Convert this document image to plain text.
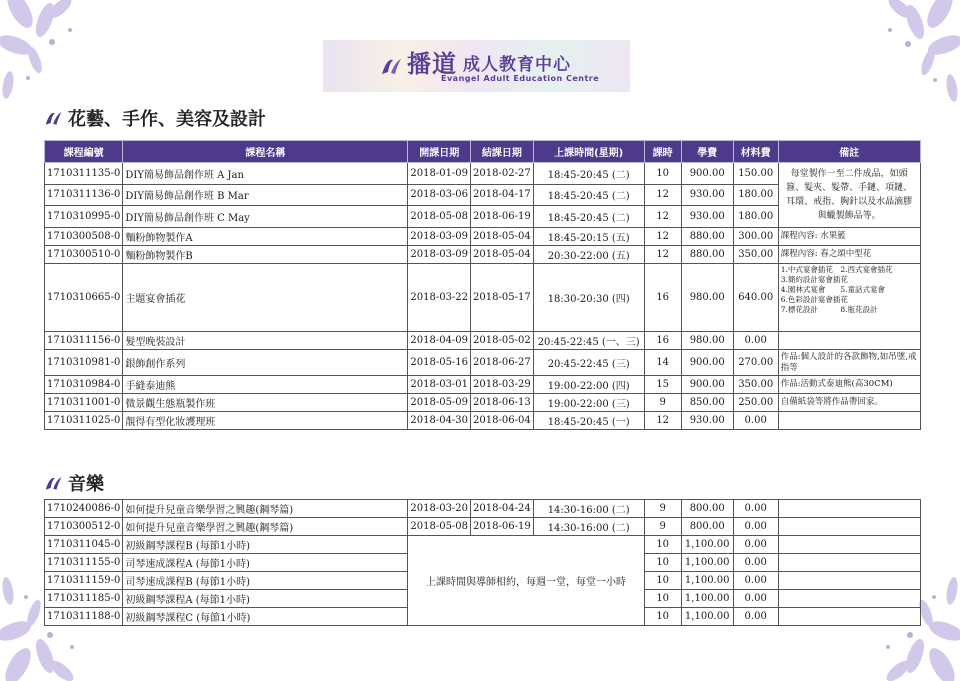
播道 成人教育中心
Evangel Adult Education Centre
花藝、手作、美容及設計
課程編號	課程名稱	開課日期	結課日期	上課時間(星期)	課時	學費	材料費	備註
1710311135-0	DIY簡易飾品創作班 A Jan	2018-01-09	2018-02-27	18:45-20:45 (二)	10	900.00	150.00	每堂製作一至二件成品，如頭箍、髮夾、髮帶、手鏈、項鏈、耳環、戒指、胸針以及水晶滴膠與蠟製飾品等。
1710311136-0	DIY簡易飾品創作班 B Mar	2018-03-06	2018-04-17	18:45-20:45 (二)	12	930.00	180.00	
1710310995-0	DIY簡易飾品創作班 C May	2018-05-08	2018-06-19	18:45-20:45 (二)	12	930.00	180.00	
1710300508-0	麵粉飾物製作A	2018-03-09	2018-05-04	18:45-20:15 (五)	12	880.00	300.00	課程內容: 水果籃
1710300510-0	麵粉飾物製作B	2018-03-09	2018-05-04	20:30-22:00 (五)	12	880.00	350.00	課程內容: 春之頌中型花
1710310665-0	主題宴會插花	2018-03-22	2018-05-17	18:30-20:30 (四)	16	980.00	640.00	1.中式宴會插花　2.西式宴會插花
3.簡約設計宴會插花
4.園林式宴會　　5.童話式宴會
6.色彩設計宴會插花
7.標花設計　　　8.瓶花設計
1710311156-0	髮型晚裝設計	2018-04-09	2018-05-02	20:45-22:45 (一、三)	16	980.00	0.00	
1710310981-0	銀飾創作系列	2018-05-16	2018-06-27	20:45-22:45 (三)	14	900.00	270.00	作品:個人設計的各款飾物,如吊墜,戒指等
1710310984-0	手縫泰迪熊	2018-03-01	2018-03-29	19:00-22:00 (四)	15	900.00	350.00	作品:活動式泰迪熊(高30CM)
1710311001-0	微景觀生態瓶製作班	2018-05-09	2018-06-13	19:00-22:00 (三)	9	850.00	250.00	自備紙袋等將作品帶回家。
1710311025-0	靚得有型化妝護理班	2018-04-30	2018-06-04	18:45-20:45 (一)	12	930.00	0.00	
音樂
1710240086-0	如何提升兒童音樂學習之興趣(鋼琴篇)	2018-03-20	2018-04-24	14:30-16:00 (二)	9	800.00	0.00	
1710300512-0	如何提升兒童音樂學習之興趣(鋼琴篇)	2018-05-08	2018-06-19	14:30-16:00 (二)	9	800.00	0.00	
1710311045-0	初級鋼琴課程B (每節1小時)	上課時間與導師相約，每週一堂，每堂一小時			10	1,100.00	0.00	
1710311155-0	司琴速成課程A (每節1小時)				10	1,100.00	0.00	
1710311159-0	司琴速成課程B (每節1小時)				10	1,100.00	0.00	
1710311185-0	初級鋼琴課程A (每節1小時)				10	1,100.00	0.00	
1710311188-0	初級鋼琴課程C (每節1小時)				10	1,100.00	0.00	
